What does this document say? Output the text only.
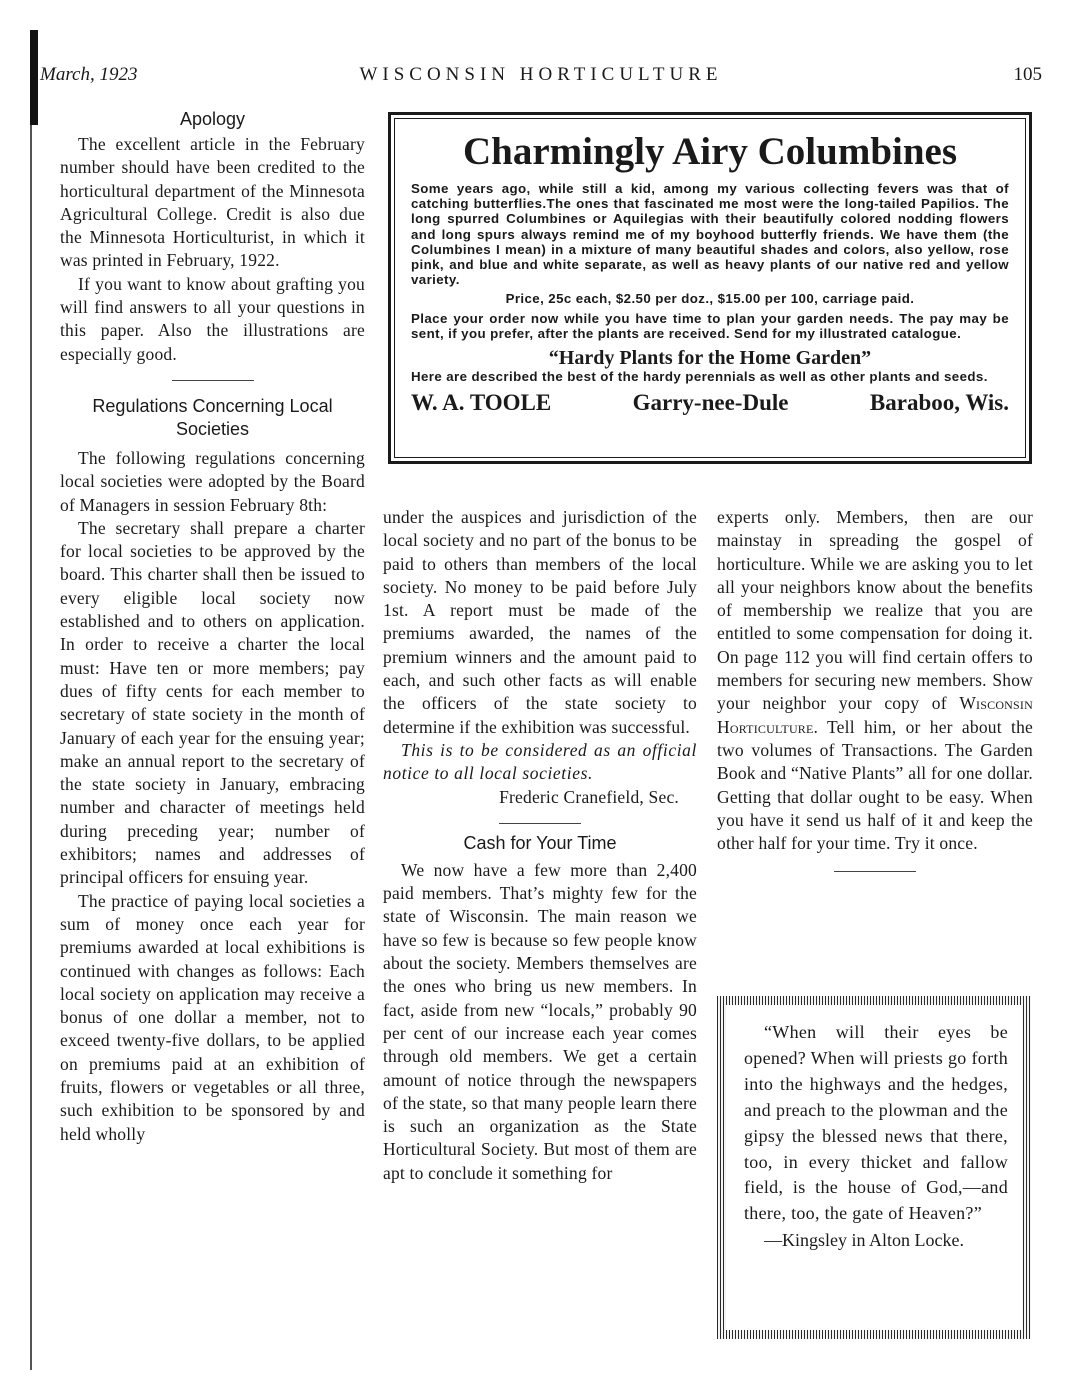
March, 1923	WISCONSIN HORTICULTURE	105
Apology

The excellent article in the February number should have been credited to the horticultural department of the Minnesota Agricultural College. Credit is also due the Minnesota Horticulturist, in which it was printed in February, 1922.

If you want to know about grafting you will find answers to all your questions in this paper. Also the illustrations are especially good.

Regulations Concerning Local
Societies

The following regulations concerning local societies were adopted by the Board of Managers in session February 8th:

The secretary shall prepare a charter for local societies to be approved by the board. This charter shall then be issued to every eligible local society now established and to others on application. In order to receive a charter the local must: Have ten or more members; pay dues of fifty cents for each member to secretary of state society in the month of January of each year for the ensuing year; make an annual report to the secretary of the state society in January, embracing number and character of meetings held during preceding year; number of exhibitors; names and addresses of principal officers for ensuing year.

The practice of paying local societies a sum of money once each year for premiums awarded at local exhibitions is continued with changes as follows: Each local society on application may receive a bonus of one dollar a member, not to exceed twenty-five dollars, to be applied on premiums paid at an exhibition of fruits, flowers or vegetables or all three, such exhibition to be sponsored by and held wholly

Charmingly Airy Columbines

Some years ago, while still a kid, among my various collecting fevers was that of catching butterflies.The ones that fascinated me most were the long-tailed Papilios. The long spurred Columbines or Aquilegias with their beautifully colored nodding flowers and long spurs always remind me of my boyhood butterfly friends. We have them (the Columbines I mean) in a mixture of many beautiful shades and colors, also yellow, rose pink, and blue and white separate, as well as heavy plants of our native red and yellow variety.

Price, 25c each, $2.50 per doz., $15.00 per 100, carriage paid.

Place your order now while you have time to plan your garden needs. The pay may be sent, if you prefer, after the plants are received. Send for my illustrated catalogue.

“Hardy Plants for the Home Garden”

Here are described the best of the hardy perennials as well as other plants and seeds.

W. A. TOOLE	Garry-nee-Dule	Baraboo, Wis.

under the auspices and jurisdiction of the local society and no part of the bonus to be paid to others than members of the local society. No money to be paid before July 1st. A report must be made of the premiums awarded, the names of the premium winners and the amount paid to each, and such other facts as will enable the officers of the state society to determine if the exhibition was successful.

This is to be considered as an official notice to all local societies.

Frederic Cranefield, Sec.

Cash for Your Time

We now have a few more than 2,400 paid members. That’s mighty few for the state of Wisconsin. The main reason we have so few is because so few people know about the society. Members themselves are the ones who bring us new members. In fact, aside from new “locals,” probably 90 per cent of our increase each year comes through old members. We get a certain amount of notice through the newspapers of the state, so that many people learn there is such an organization as the State Horticultural Society. But most of them are apt to conclude it something for

experts only. Members, then are our mainstay in spreading the gospel of horticulture. While we are asking you to let all your neighbors know about the benefits of membership we realize that you are entitled to some compensation for doing it. On page 112 you will find certain offers to members for securing new members. Show your neighbor your copy of Wisconsin Horticulture. Tell him, or her about the two volumes of Transactions. The Garden Book and “Native Plants” all for one dollar. Getting that dollar ought to be easy. When you have it send us half of it and keep the other half for your time. Try it once.

“When will their eyes be opened? When will priests go forth into the highways and the hedges, and preach to the plowman and the gipsy the blessed news that there, too, in every thicket and fallow field, is the house of God,—and there, too, the gate of Heaven?”

—Kingsley in Alton Locke.
